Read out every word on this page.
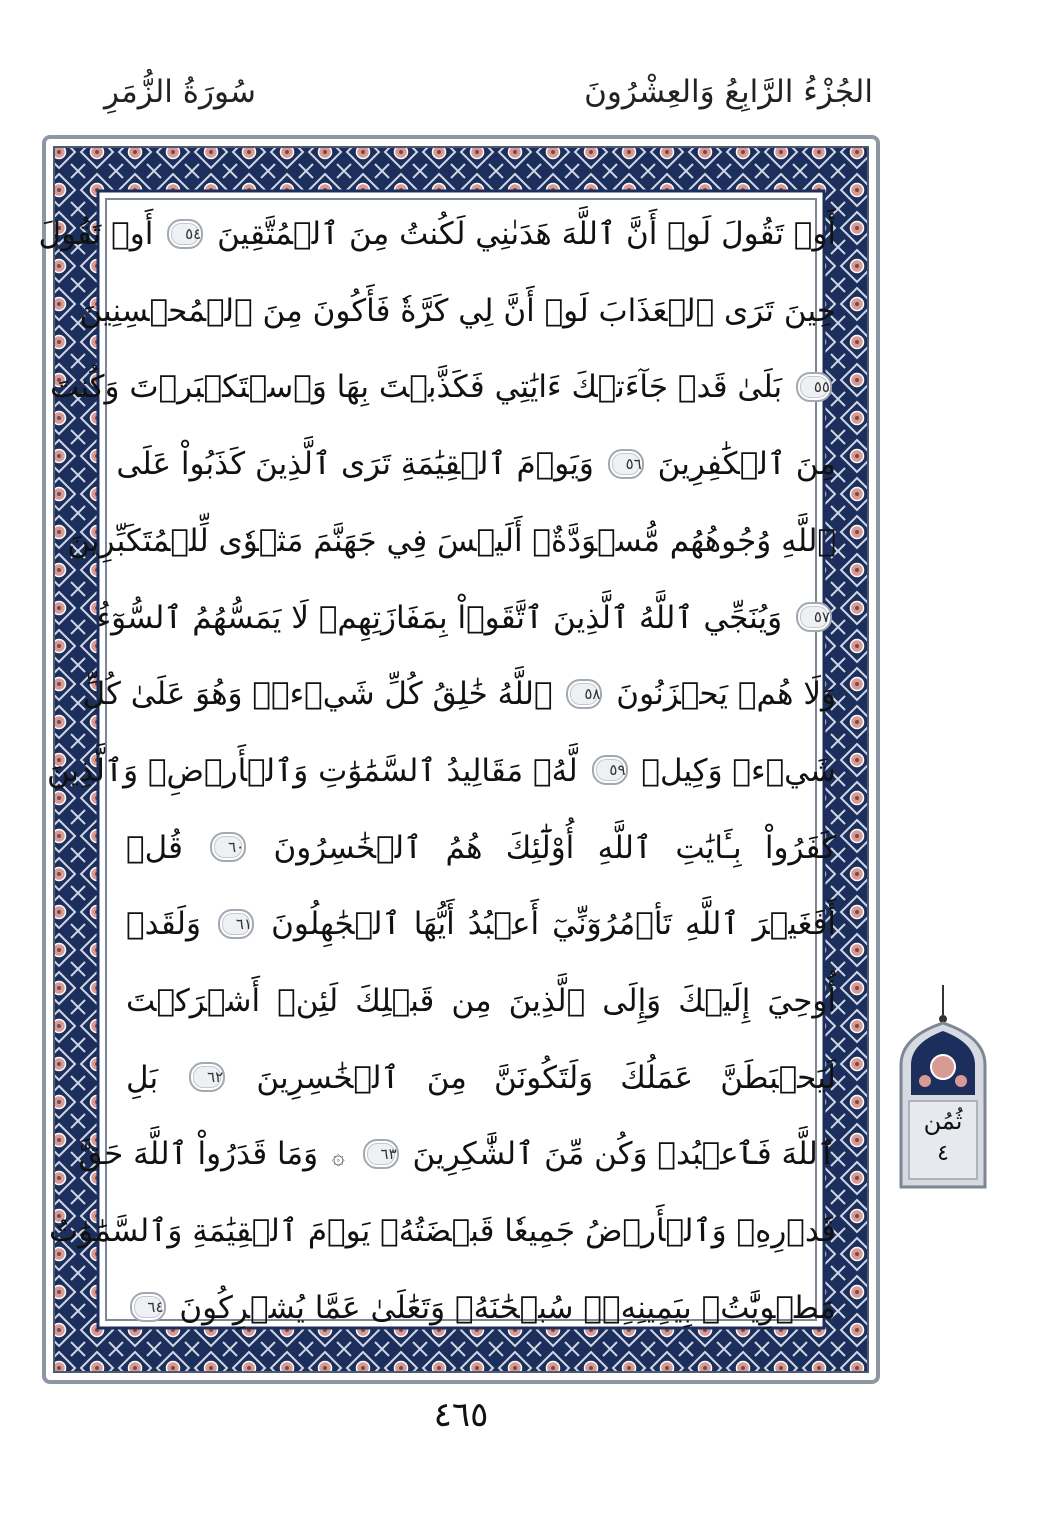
سُورَةُ الزُّمَرِ	الجُزْءُ الرَّابِعُ وَالعِشْرُونَ
أَوۡ تَقُولَ لَوۡ أَنَّ ٱللَّهَ هَدَىٰنِي لَكُنتُ مِنَ ٱلۡمُتَّقِينَ ٥٤ أَوۡ تَقُولَ
حِينَ تَرَى ٱلۡعَذَابَ لَوۡ أَنَّ لِي كَرَّةٗ فَأَكُونَ مِنَ ٱلۡمُحۡسِنِينَ
٥٥ بَلَىٰ قَدۡ جَآءَتۡكَ ءَايَٰتِي فَكَذَّبۡتَ بِهَا وَٱسۡتَكۡبَرۡتَ وَكُنتَ
مِنَ ٱلۡكَٰفِرِينَ ٥٦ وَيَوۡمَ ٱلۡقِيَٰمَةِ تَرَى ٱلَّذِينَ كَذَبُواْ عَلَى
ٱللَّهِ وُجُوهُهُم مُّسۡوَدَّةٌۚ أَلَيۡسَ فِي جَهَنَّمَ مَثۡوٗى لِّلۡمُتَكَبِّرِينَ
٥٧ وَيُنَجِّي ٱللَّهُ ٱلَّذِينَ ٱتَّقَوۡاْ بِمَفَازَتِهِمۡ لَا يَمَسُّهُمُ ٱلسُّوٓءُ
وَلَا هُمۡ يَحۡزَنُونَ ٥٨ ٱللَّهُ خَٰلِقُ كُلِّ شَيۡءٖۖ وَهُوَ عَلَىٰ كُلِّ
شَيۡءٖ وَكِيلٞ ٥٩ لَّهُۥ مَقَالِيدُ ٱلسَّمَٰوَٰتِ وَٱلۡأَرۡضِۗ وَٱلَّذِينَ
كَفَرُواْ بِـَٔايَٰتِ ٱللَّهِ أُوْلَٰٓئِكَ هُمُ ٱلۡخَٰسِرُونَ ٦٠ قُلۡ
أَفَغَيۡرَ ٱللَّهِ تَأۡمُرُوٓنِّيٓ أَعۡبُدُ أَيُّهَا ٱلۡجَٰهِلُونَ ٦١ وَلَقَدۡ
أُوحِيَ إِلَيۡكَ وَإِلَى ٱلَّذِينَ مِن قَبۡلِكَ لَئِنۡ أَشۡرَكۡتَ
لَيَحۡبَطَنَّ عَمَلُكَ وَلَتَكُونَنَّ مِنَ ٱلۡخَٰسِرِينَ ٦٢ بَلِ
ٱللَّهَ فَٱعۡبُدۡ وَكُن مِّنَ ٱلشَّٰكِرِينَ ٦٣ ۞ وَمَا قَدَرُواْ ٱللَّهَ حَقَّ
قَدۡرِهِۦ وَٱلۡأَرۡضُ جَمِيعٗا قَبۡضَتُهُۥ يَوۡمَ ٱلۡقِيَٰمَةِ وَٱلسَّمَٰوَٰتُ
مَطۡوِيَّٰتُۢ بِيَمِينِهِۦۚ سُبۡحَٰنَهُۥ وَتَعَٰلَىٰ عَمَّا يُشۡرِكُونَ ٦٤
ثُمُن
٤
٤٦٥
